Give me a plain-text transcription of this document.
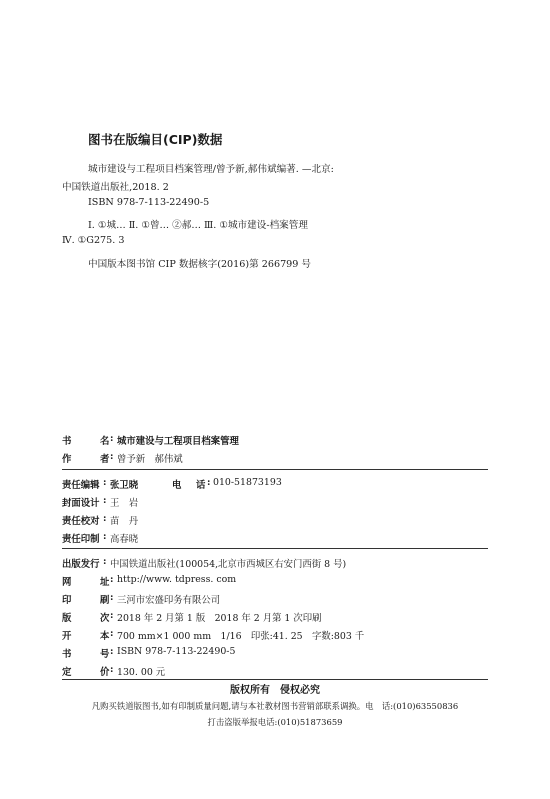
图书在版编目(CIP)数据
城市建设与工程项目档案管理/曾予新,郝伟斌编著. —北京:
中国铁道出版社,2018. 2
ISBN 978-7-113-22490-5
Ⅰ. ①城… Ⅱ. ①曾… ②郝… Ⅲ. ①城市建设-档案管理
Ⅳ. ①G275. 3
中国版本图书馆 CIP 数据核字(2016)第 266799 号
书	名 : 城市建设与工程项目档案管理
作	者 : 曾予新　郝伟斌
责任编辑 : 张卫晓	电 话 : 010-51873193
封面设计 : 王　岩
责任校对 : 苗　丹
责任印制 : 高春晓
出版发行 : 中国铁道出版社(100054,北京市西城区右安门西街 8 号)
网	址 : http://www. tdpress. com
印	刷 : 三河市宏盛印务有限公司
版	次 : 2018 年 2 月第 1 版　2018 年 2 月第 1 次印刷
开	本 : 700 mm×1 000 mm　1/16　印张:41. 25　字数:803 千
书	号 : ISBN 978-7-113-22490-5
定	价 : 130. 00 元
版权所有　侵权必究
凡购买铁道版图书,如有印制质量问题,请与本社教材图书营销部联系调换。电　话:(010)63550836
打击盗版举报电话:(010)51873659
